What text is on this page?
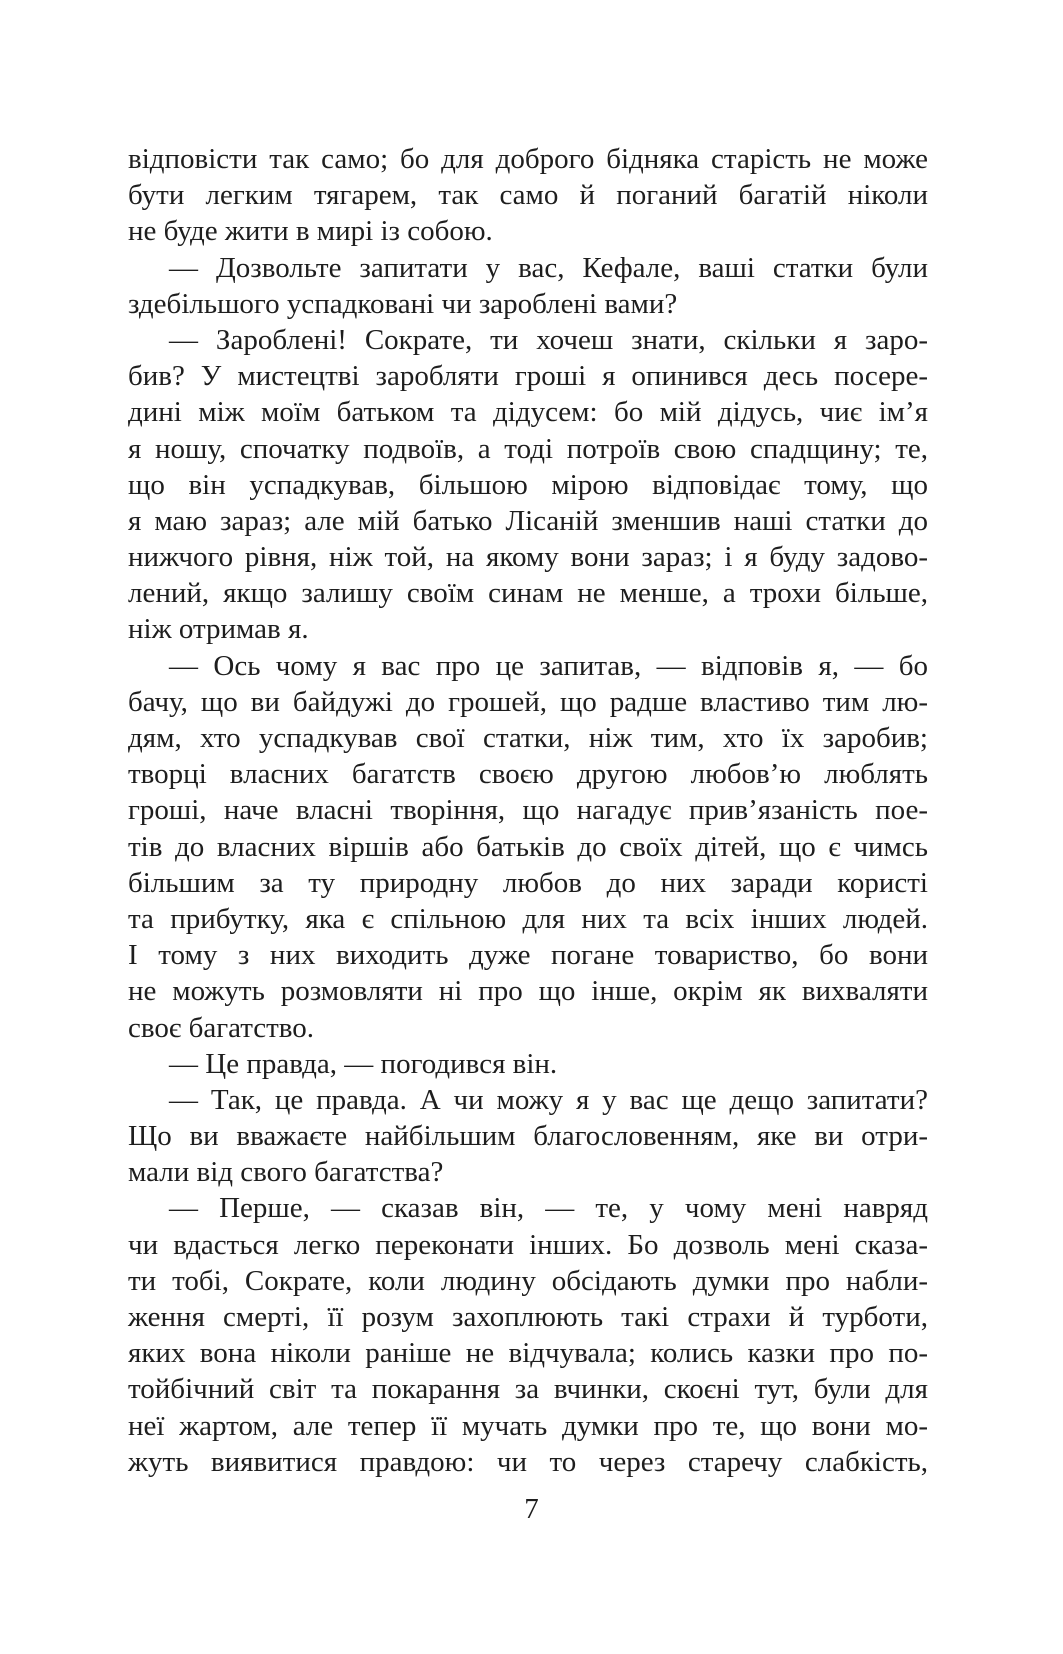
відповісти так само; бо для доброго бідняка старість не може
бути легким тягарем, так само й поганий багатій ніколи
не буде жити в мирі із собою.
— Дозвольте запитати у вас, Кефале, ваші статки були
здебільшого успадковані чи зароблені вами?
— Зароблені! Сократе, ти хочеш знати, скільки я заро-
бив? У мистецтві заробляти гроші я опинився десь посере-
дині між моїм батьком та дідусем: бо мій дідусь, чиє ім’я
я ношу, спочатку подвоїв, а тоді потроїв свою спадщину; те,
що він успадкував, більшою мірою відповідає тому, що
я маю зараз; але мій батько Лісаній зменшив наші статки до
нижчого рівня, ніж той, на якому вони зараз; і я буду задово-
лений, якщо залишу своїм синам не менше, а трохи більше,
ніж отримав я.
— Ось чому я вас про це запитав, — відповів я, — бо
бачу, що ви байдужі до грошей, що радше властиво тим лю-
дям, хто успадкував свої статки, ніж тим, хто їх заробив;
творці власних багатств своєю другою любов’ю люблять
гроші, наче власні творіння, що нагадує прив’язаність пое-
тів до власних віршів або батьків до своїх дітей, що є чимсь
більшим за ту природну любов до них заради користі
та прибутку, яка є спільною для них та всіх інших людей.
І тому з них виходить дуже погане товариство, бо вони
не можуть розмовляти ні про що інше, окрім як вихваляти
своє багатство.
— Це правда, — погодився він.
— Так, це правда. А чи можу я у вас ще дещо запитати?
Що ви вважаєте найбільшим благословенням, яке ви отри-
мали від свого багатства?
— Перше, — сказав він, — те, у чому мені навряд
чи вдасться легко переконати інших. Бо дозволь мені сказа-
ти тобі, Сократе, коли людину обсідають думки про набли-
ження смерті, її розум захоплюють такі страхи й турботи,
яких вона ніколи раніше не відчувала; колись казки про по-
тойбічний світ та покарання за вчинки, скоєні тут, були для
неї жартом, але тепер її мучать думки про те, що вони мо-
жуть виявитися правдою: чи то через старечу слабкість,
7
